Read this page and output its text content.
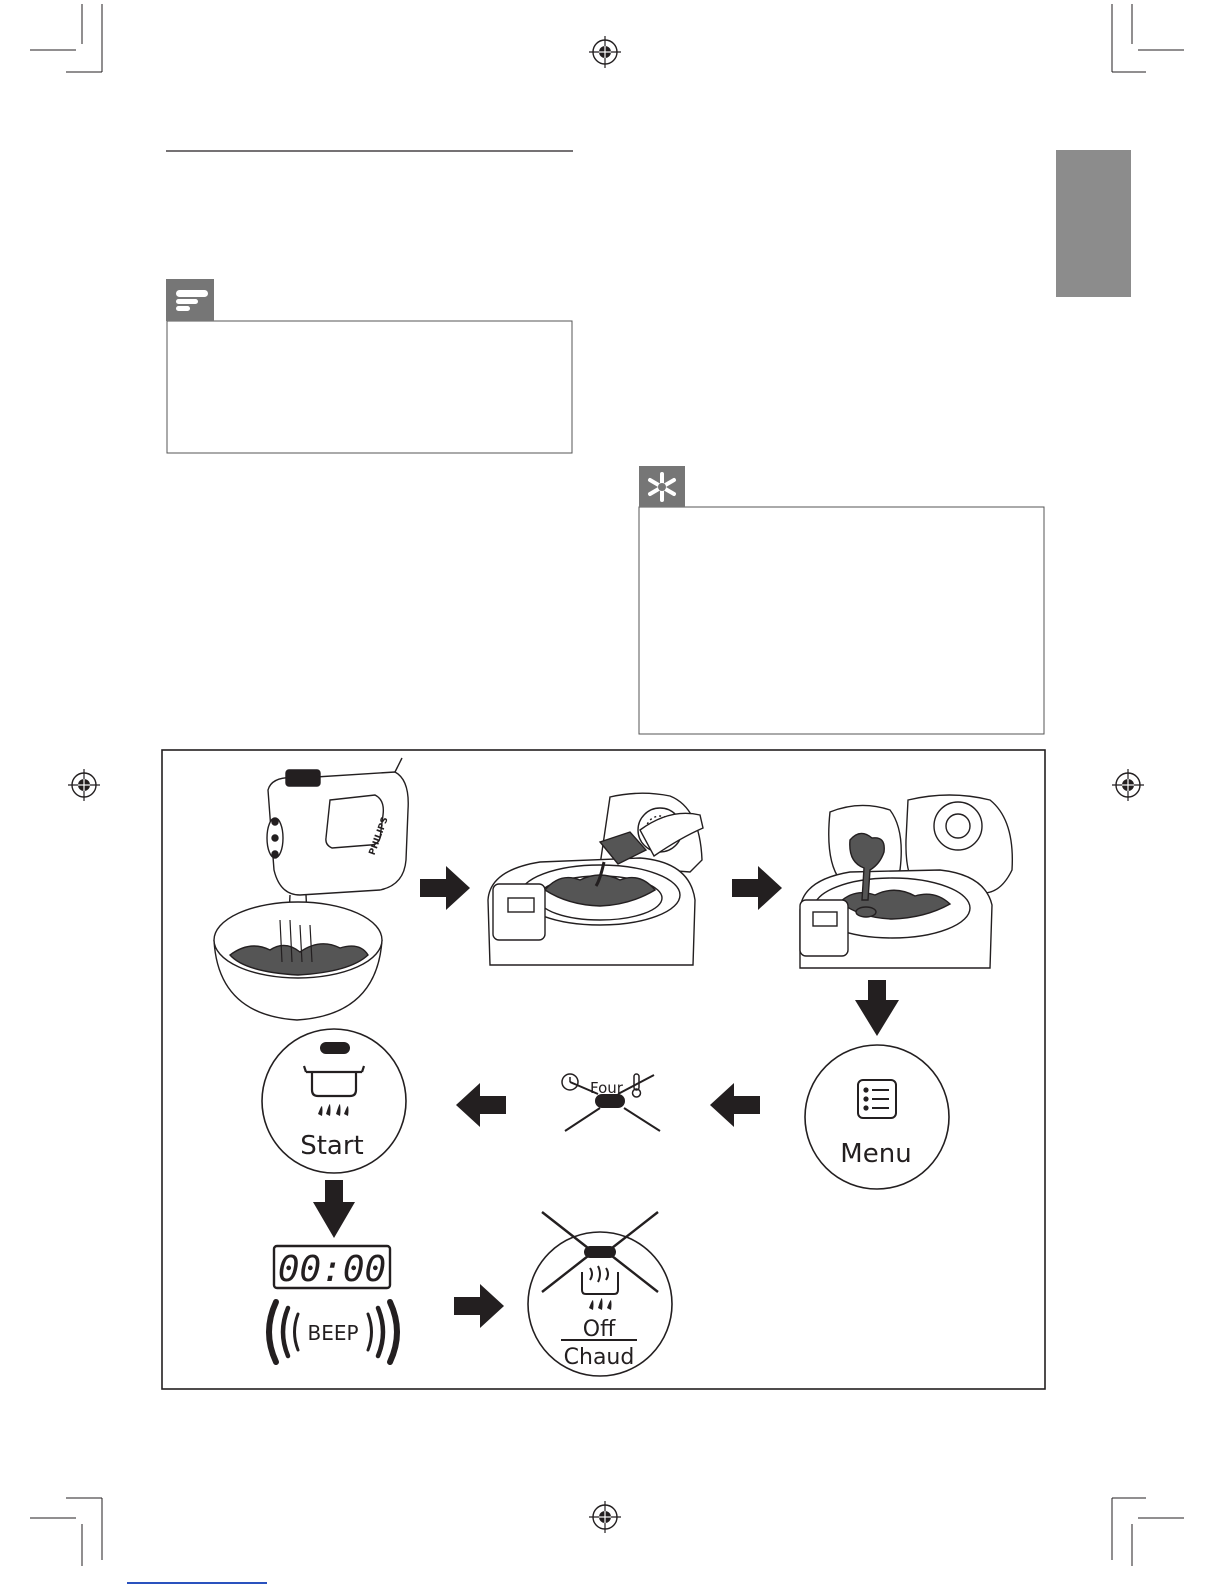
PHILIPS
Menu
Four
Start
00:00
BEEP	Off
Chaud
